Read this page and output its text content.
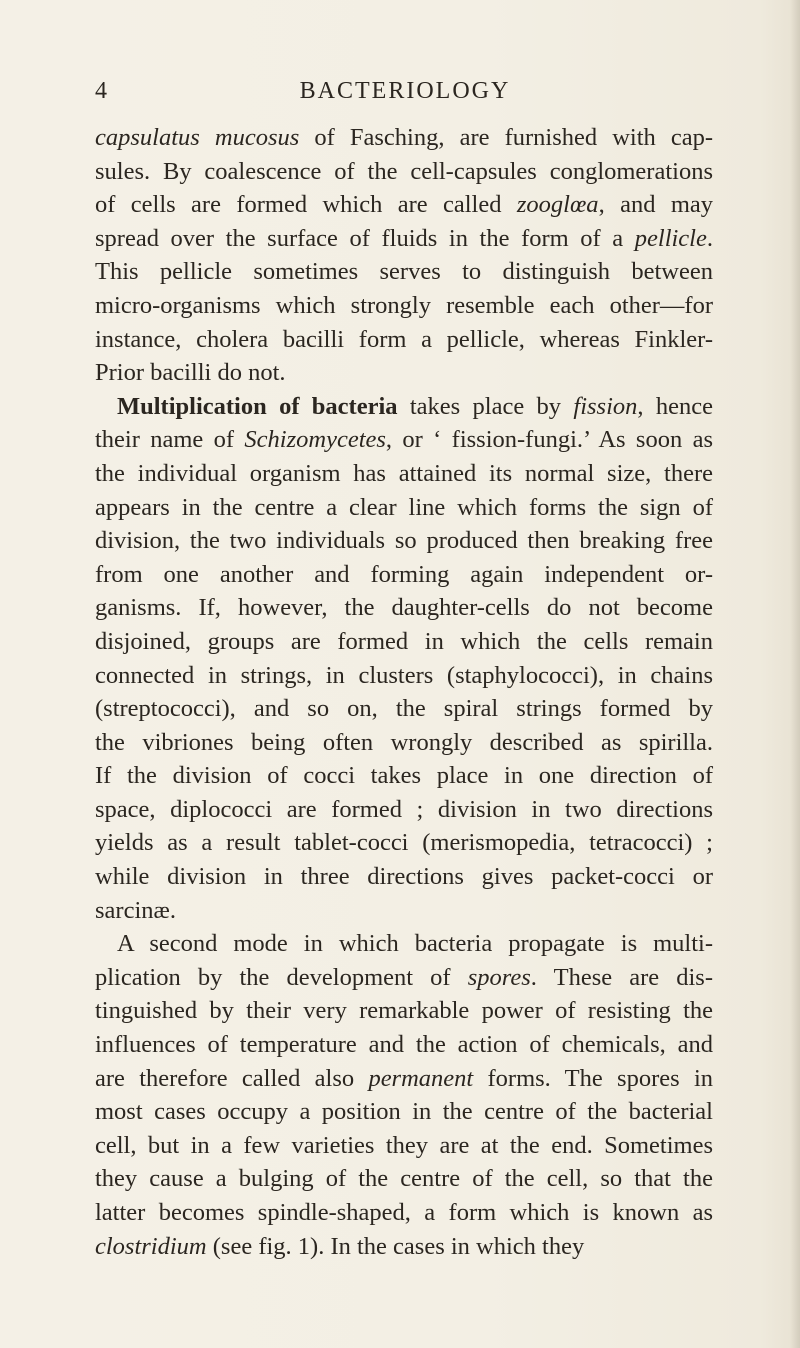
4	BACTERIOLOGY
capsulatus mucosus of Fasching, are furnished with cap-
sules. By coalescence of the cell-capsules conglomerations
of cells are formed which are called zooglœa, and may
spread over the surface of fluids in the form of a pellicle.
This pellicle sometimes serves to distinguish between
micro-organisms which strongly resemble each other—for
instance, cholera bacilli form a pellicle, whereas Finkler-
Prior bacilli do not.
Multiplication of bacteria takes place by fission, hence
their name of Schizomycetes, or ‘ fission-fungi.’ As soon as
the individual organism has attained its normal size, there
appears in the centre a clear line which forms the sign of
division, the two individuals so produced then breaking free
from one another and forming again independent or-
ganisms. If, however, the daughter-cells do not become
disjoined, groups are formed in which the cells remain
connected in strings, in clusters (staphylococci), in chains
(streptococci), and so on, the spiral strings formed by
the vibriones being often wrongly described as spirilla.
If the division of cocci takes place in one direction of
space, diplococci are formed ; division in two directions
yields as a result tablet-cocci (merismopedia, tetracocci) ;
while division in three directions gives packet-cocci or
sarcinæ.
A second mode in which bacteria propagate is multi-
plication by the development of spores. These are dis-
tinguished by their very remarkable power of resisting the
influences of temperature and the action of chemicals, and
are therefore called also permanent forms. The spores in
most cases occupy a position in the centre of the bacterial
cell, but in a few varieties they are at the end. Sometimes
they cause a bulging of the centre of the cell, so that the
latter becomes spindle-shaped, a form which is known as
clostridium (see fig. 1). In the cases in which they
